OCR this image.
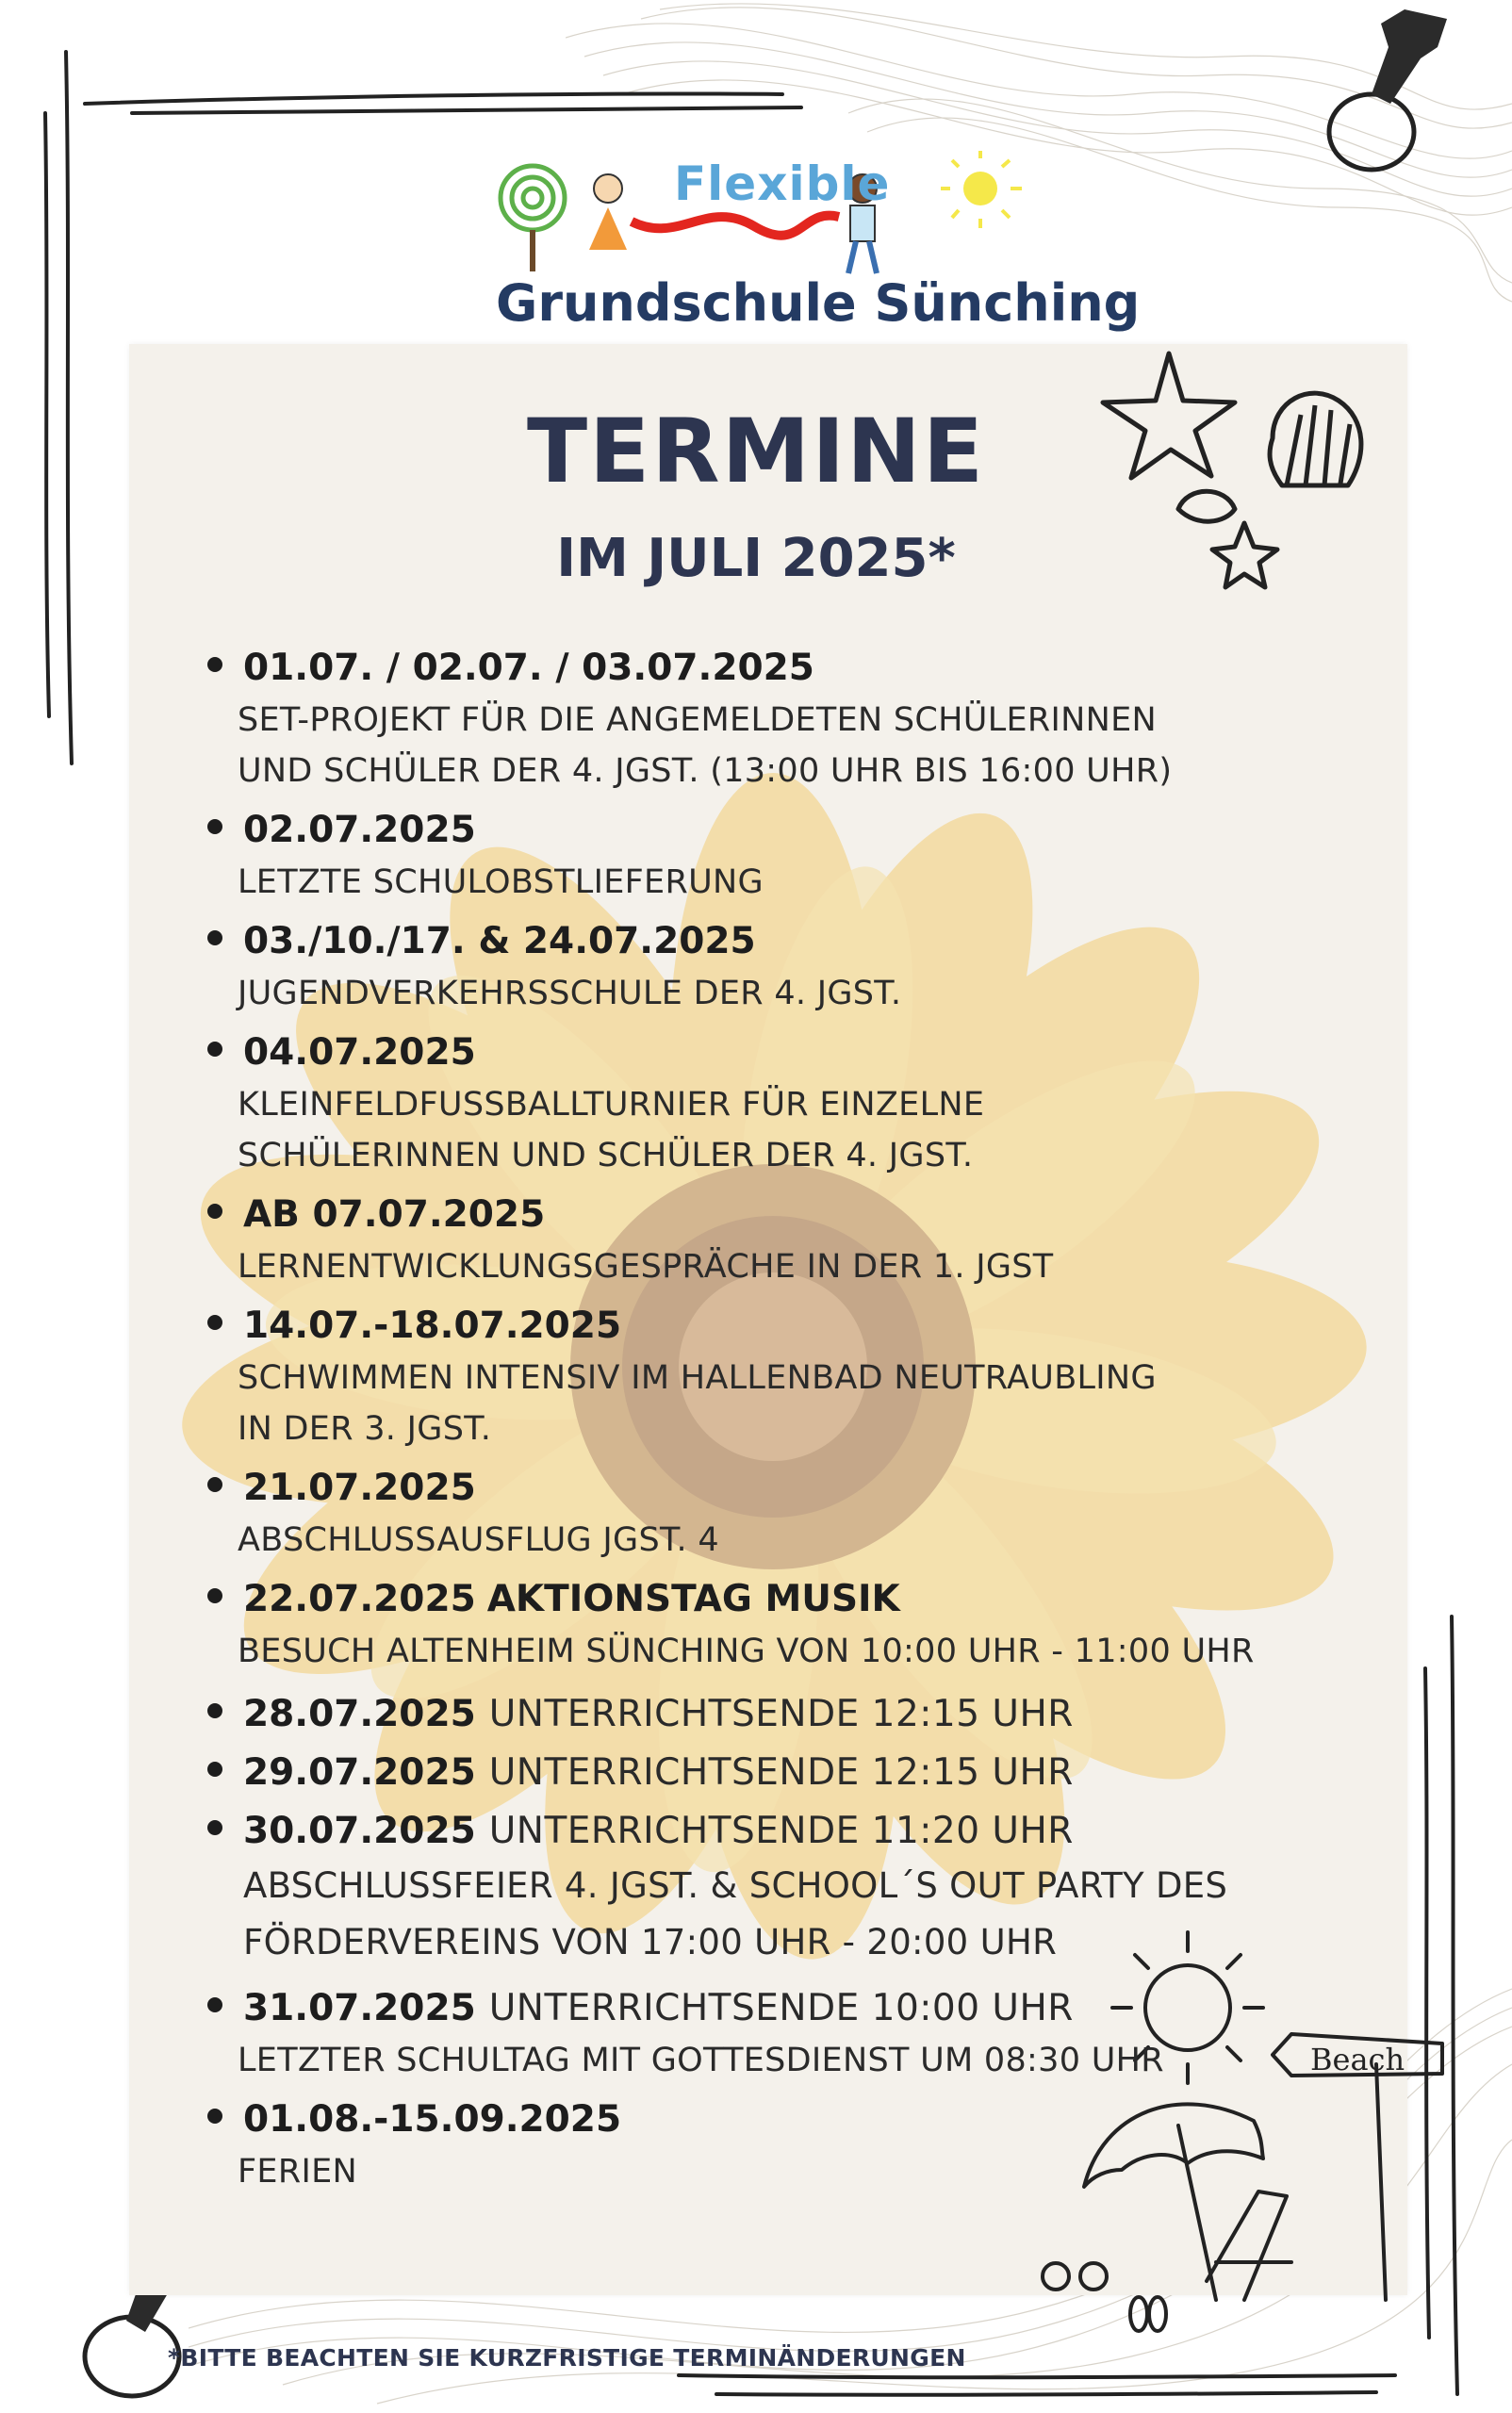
Flexible
Grundschule Sünching
Beach
TERMINE
IM JULI 2025*
01.07. / 02.07. / 03.07.2025
SET-PROJEKT FÜR DIE ANGEMELDETEN SCHÜLERINNEN
UND SCHÜLER DER 4. JGST. (13:00 UHR BIS 16:00 UHR)
02.07.2025
LETZTE SCHULOBSTLIEFERUNG
03./10./17. & 24.07.2025
JUGENDVERKEHRSSCHULE DER 4. JGST.
04.07.2025
KLEINFELDFUSSBALLTURNIER FÜR EINZELNE
SCHÜLERINNEN UND SCHÜLER DER 4. JGST.
AB 07.07.2025
LERNENTWICKLUNGSGESPRÄCHE IN DER 1. JGST
14.07.-18.07.2025
SCHWIMMEN INTENSIV IM HALLENBAD NEUTRAUBLING
IN DER 3. JGST.
21.07.2025
ABSCHLUSSAUSFLUG JGST. 4
22.07.2025 AKTIONSTAG MUSIK
BESUCH ALTENHEIM SÜNCHING VON 10:00 UHR - 11:00 UHR
28.07.2025 UNTERRICHTSENDE 12:15 UHR
29.07.2025 UNTERRICHTSENDE 12:15 UHR
30.07.2025 UNTERRICHTSENDE 11:20 UHR
ABSCHLUSSFEIER 4. JGST. & SCHOOL´S OUT PARTY DES
FÖRDERVEREINS VON 17:00 UHR - 20:00 UHR
31.07.2025 UNTERRICHTSENDE 10:00 UHR
LETZTER SCHULTAG MIT GOTTESDIENST UM 08:30 UHR
01.08.-15.09.2025
FERIEN
*BITTE BEACHTEN SIE KURZFRISTIGE TERMINÄNDERUNGEN
